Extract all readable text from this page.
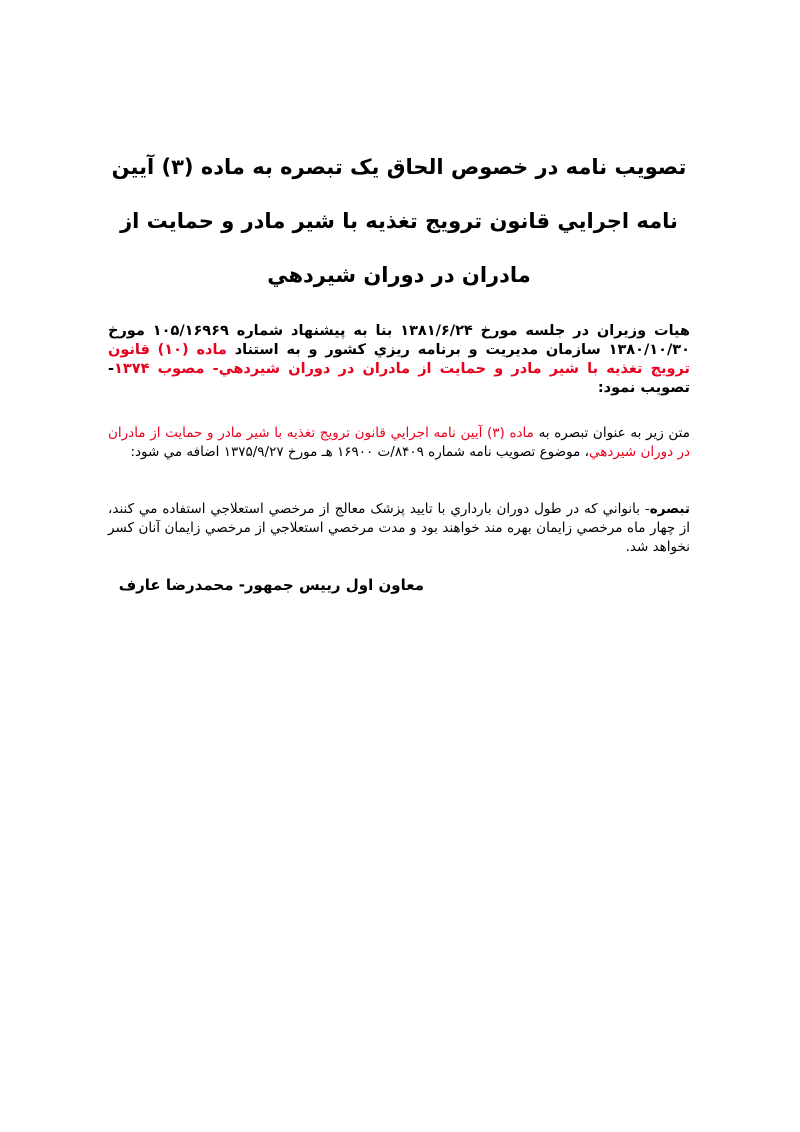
تصويب نامه در خصوص الحاق يک تبصره به ماده (۳) آيين
نامه اجرايي قانون ترويج تغذيه با شير مادر و حمايت از
مادران در دوران شيردهي

هيات وزيران در جلسه مورخ ۱۳۸۱/۶/۲۴ بنا به پيشنهاد شماره ۱۰۵/۱۶۹۶۹ مورخ ۱۳۸۰/۱۰/۳۰ سازمان مديريت و برنامه ريزي کشور و به استناد ماده (۱۰) قانون ترويج تغذيه با شير مادر و حمايت از مادران در دوران شيردهي- مصوب ۱۳۷۴- تصويب نمود:

متن زير به عنوان تبصره به ماده (۳) آيين نامه اجرايي قانون ترويج تغذيه با شير مادر و حمايت از مادران در دوران شيردهي، موضوع تصويب نامه شماره ۸۴۰۹/ت ۱۶۹۰۰ هـ مورخ ۱۳۷۵/۹/۲۷ اضافه مي شود:

تبصره- بانواني که در طول دوران بارداري با تاييد پزشک معالج از مرخصي استعلاجي استفاده مي کنند، از چهار ماه مرخصي زايمان بهره مند خواهند بود و مدت مرخصي استعلاجي از مرخصي زايمان آنان کسر نخواهد شد.

معاون اول رييس جمهور- محمدرضا عارف
